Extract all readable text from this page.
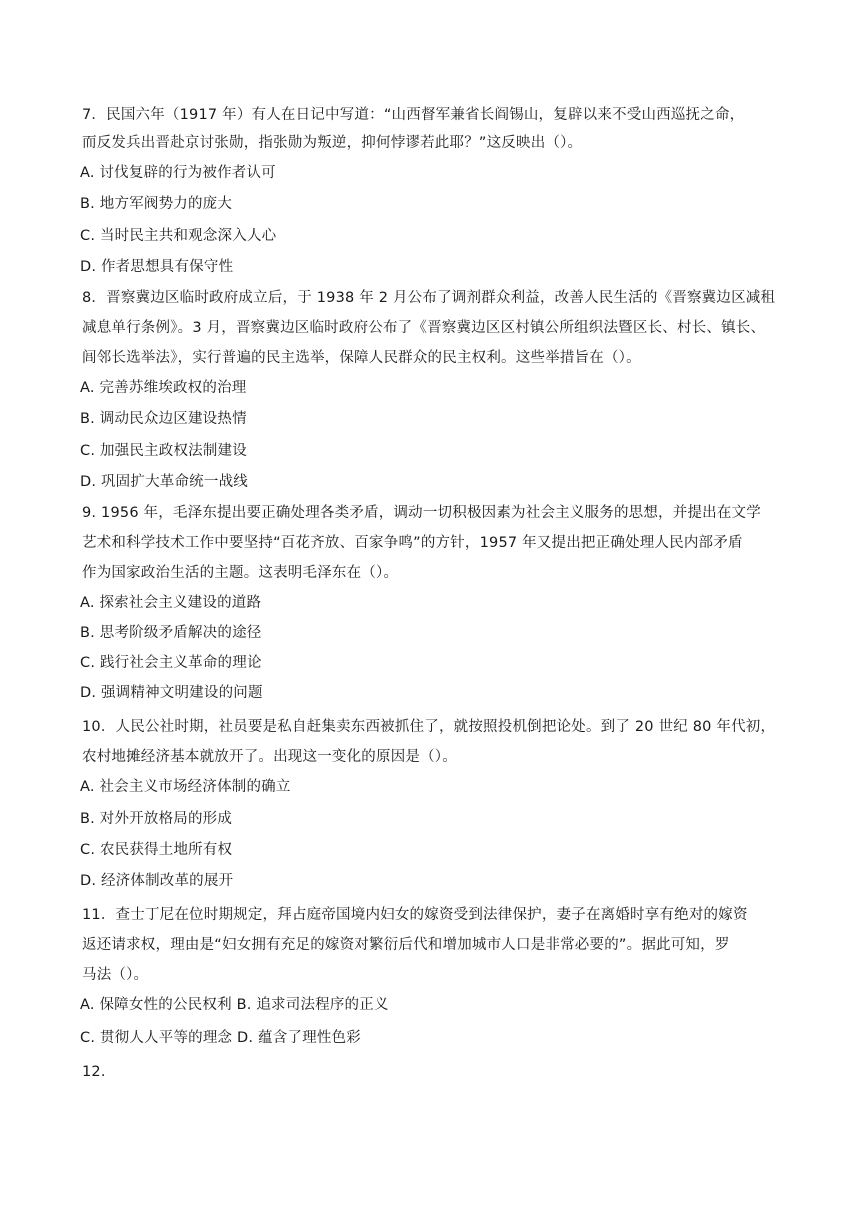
7．民国六年（1917 年）有人在日记中写道：“山西督军兼省长阎锡山，复辟以来不受山西巡抚之命，
而反发兵出晋赴京讨张勋，指张勋为叛逆，抑何悖谬若此耶？”这反映出（）。
A. 讨伐复辟的行为被作者认可
B. 地方军阀势力的庞大
C. 当时民主共和观念深入人心
D. 作者思想具有保守性
8．晋察冀边区临时政府成立后，于 1938 年 2 月公布了调剂群众利益，改善人民生活的《晋察冀边区减租
减息单行条例》。3 月，晋察冀边区临时政府公布了《晋察冀边区区村镇公所组织法暨区长、村长、镇长、
闾邻长选举法》，实行普遍的民主选举，保障人民群众的民主权利。这些举措旨在（）。
A. 完善苏维埃政权的治理
B. 调动民众边区建设热情
C. 加强民主政权法制建设
D. 巩固扩大革命统一战线
9. 1956 年，毛泽东提出要正确处理各类矛盾，调动一切积极因素为社会主义服务的思想，并提出在文学
艺术和科学技术工作中要坚持“百花齐放、百家争鸣”的方针，1957 年又提出把正确处理人民内部矛盾
作为国家政治生活的主题。这表明毛泽东在（）。
A. 探索社会主义建设的道路
B. 思考阶级矛盾解决的途径
C. 践行社会主义革命的理论
D. 强调精神文明建设的问题
10．人民公社时期，社员要是私自赶集卖东西被抓住了，就按照投机倒把论处。到了 20 世纪 80 年代初，
农村地摊经济基本就放开了。出现这一变化的原因是（）。
A. 社会主义市场经济体制的确立
B. 对外开放格局的形成
C. 农民获得土地所有权
D. 经济体制改革的展开
11．查士丁尼在位时期规定，拜占庭帝国境内妇女的嫁资受到法律保护，妻子在离婚时享有绝对的嫁资
返还请求权，理由是“妇女拥有充足的嫁资对繁衍后代和增加城市人口是非常必要的”。据此可知，罗
马法（）。
A. 保障女性的公民权利 B. 追求司法程序的正义
C. 贯彻人人平等的理念 D. 蕴含了理性色彩
12.
